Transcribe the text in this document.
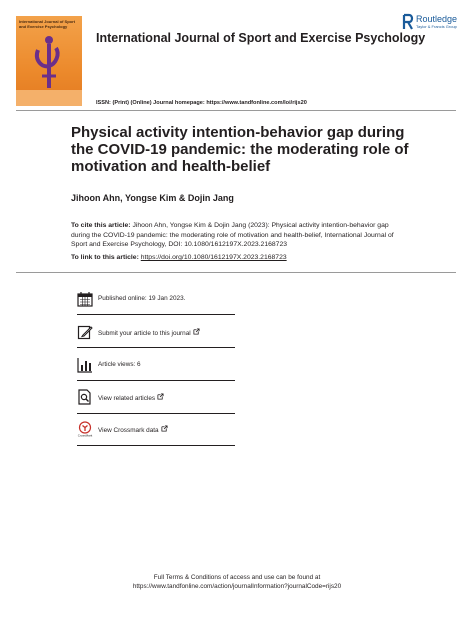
International Journal of Sport and Exercise Psychology
International Journal of Sport and Exercise Psychology
Routledge
Taylor & Francis Group
ISSN: (Print) (Online) Journal homepage: https://www.tandfonline.com/loi/rijs20
Physical activity intention-behavior gap during the COVID-19 pandemic: the moderating role of motivation and health-belief
Jihoon Ahn, Yongse Kim & Dojin Jang
To cite this article: Jihoon Ahn, Yongse Kim & Dojin Jang (2023): Physical activity intention-behavior gap during the COVID-19 pandemic: the moderating role of motivation and health-belief, International Journal of Sport and Exercise Psychology, DOI: 10.1080/1612197X.2023.2168723
To link to this article: https://doi.org/10.1080/1612197X.2023.2168723
Published online: 19 Jan 2023.
Submit your article to this journal
Article views: 6
View related articles
CrossMark
View Crossmark data
Full Terms & Conditions of access and use can be found at
https://www.tandfonline.com/action/journalInformation?journalCode=rijs20
